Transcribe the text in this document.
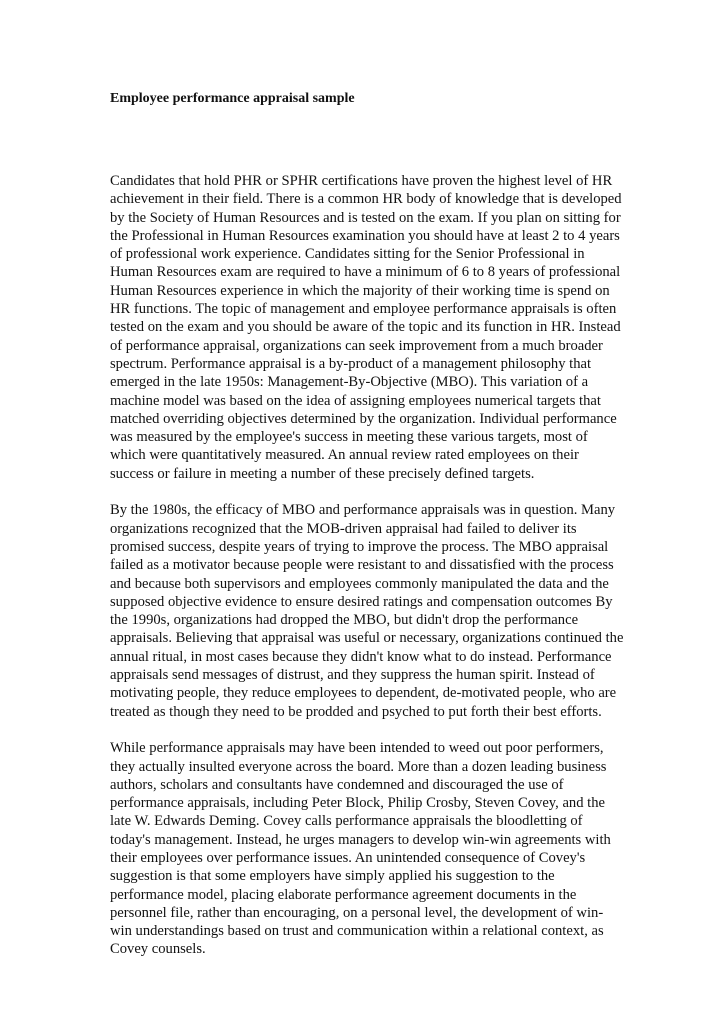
Employee performance appraisal sample

Candidates that hold PHR or SPHR certifications have proven the highest level of HR achievement in their field. There is a common HR body of knowledge that is developed by the Society of Human Resources and is tested on the exam. If you plan on sitting for the Professional in Human Resources examination you should have at least 2 to 4 years of professional work experience. Candidates sitting for the Senior Professional in Human Resources exam are required to have a minimum of 6 to 8 years of professional Human Resources experience in which the majority of their working time is spend on HR functions. The topic of management and employee performance appraisals is often tested on the exam and you should be aware of the topic and its function in HR. Instead of performance appraisal, organizations can seek improvement from a much broader spectrum. Performance appraisal is a by-product of a management philosophy that emerged in the late 1950s: Management-By-Objective (MBO). This variation of a machine model was based on the idea of assigning employees numerical targets that matched overriding objectives determined by the organization. Individual performance was measured by the employee's success in meeting these various targets, most of which were quantitatively measured. An annual review rated employees on their success or failure in meeting a number of these precisely defined targets.

By the 1980s, the efficacy of MBO and performance appraisals was in question. Many organizations recognized that the MOB-driven appraisal had failed to deliver its promised success, despite years of trying to improve the process. The MBO appraisal failed as a motivator because people were resistant to and dissatisfied with the process and because both supervisors and employees commonly manipulated the data and the supposed objective evidence to ensure desired ratings and compensation outcomes By the 1990s, organizations had dropped the MBO, but didn't drop the performance appraisals. Believing that appraisal was useful or necessary, organizations continued the annual ritual, in most cases because they didn't know what to do instead. Performance appraisals send messages of distrust, and they suppress the human spirit. Instead of motivating people, they reduce employees to dependent, de-motivated people, who are treated as though they need to be prodded and psyched to put forth their best efforts.

While performance appraisals may have been intended to weed out poor performers, they actually insulted everyone across the board. More than a dozen leading business authors, scholars and consultants have condemned and discouraged the use of performance appraisals, including Peter Block, Philip Crosby, Steven Covey, and the late W. Edwards Deming. Covey calls performance appraisals the bloodletting of today's management. Instead, he urges managers to develop win-win agreements with their employees over performance issues. An unintended consequence of Covey's suggestion is that some employers have simply applied his suggestion to the performance model, placing elaborate performance agreement documents in the personnel file, rather than encouraging, on a personal level, the development of win-win understandings based on trust and communication within a relational context, as Covey counsels.
